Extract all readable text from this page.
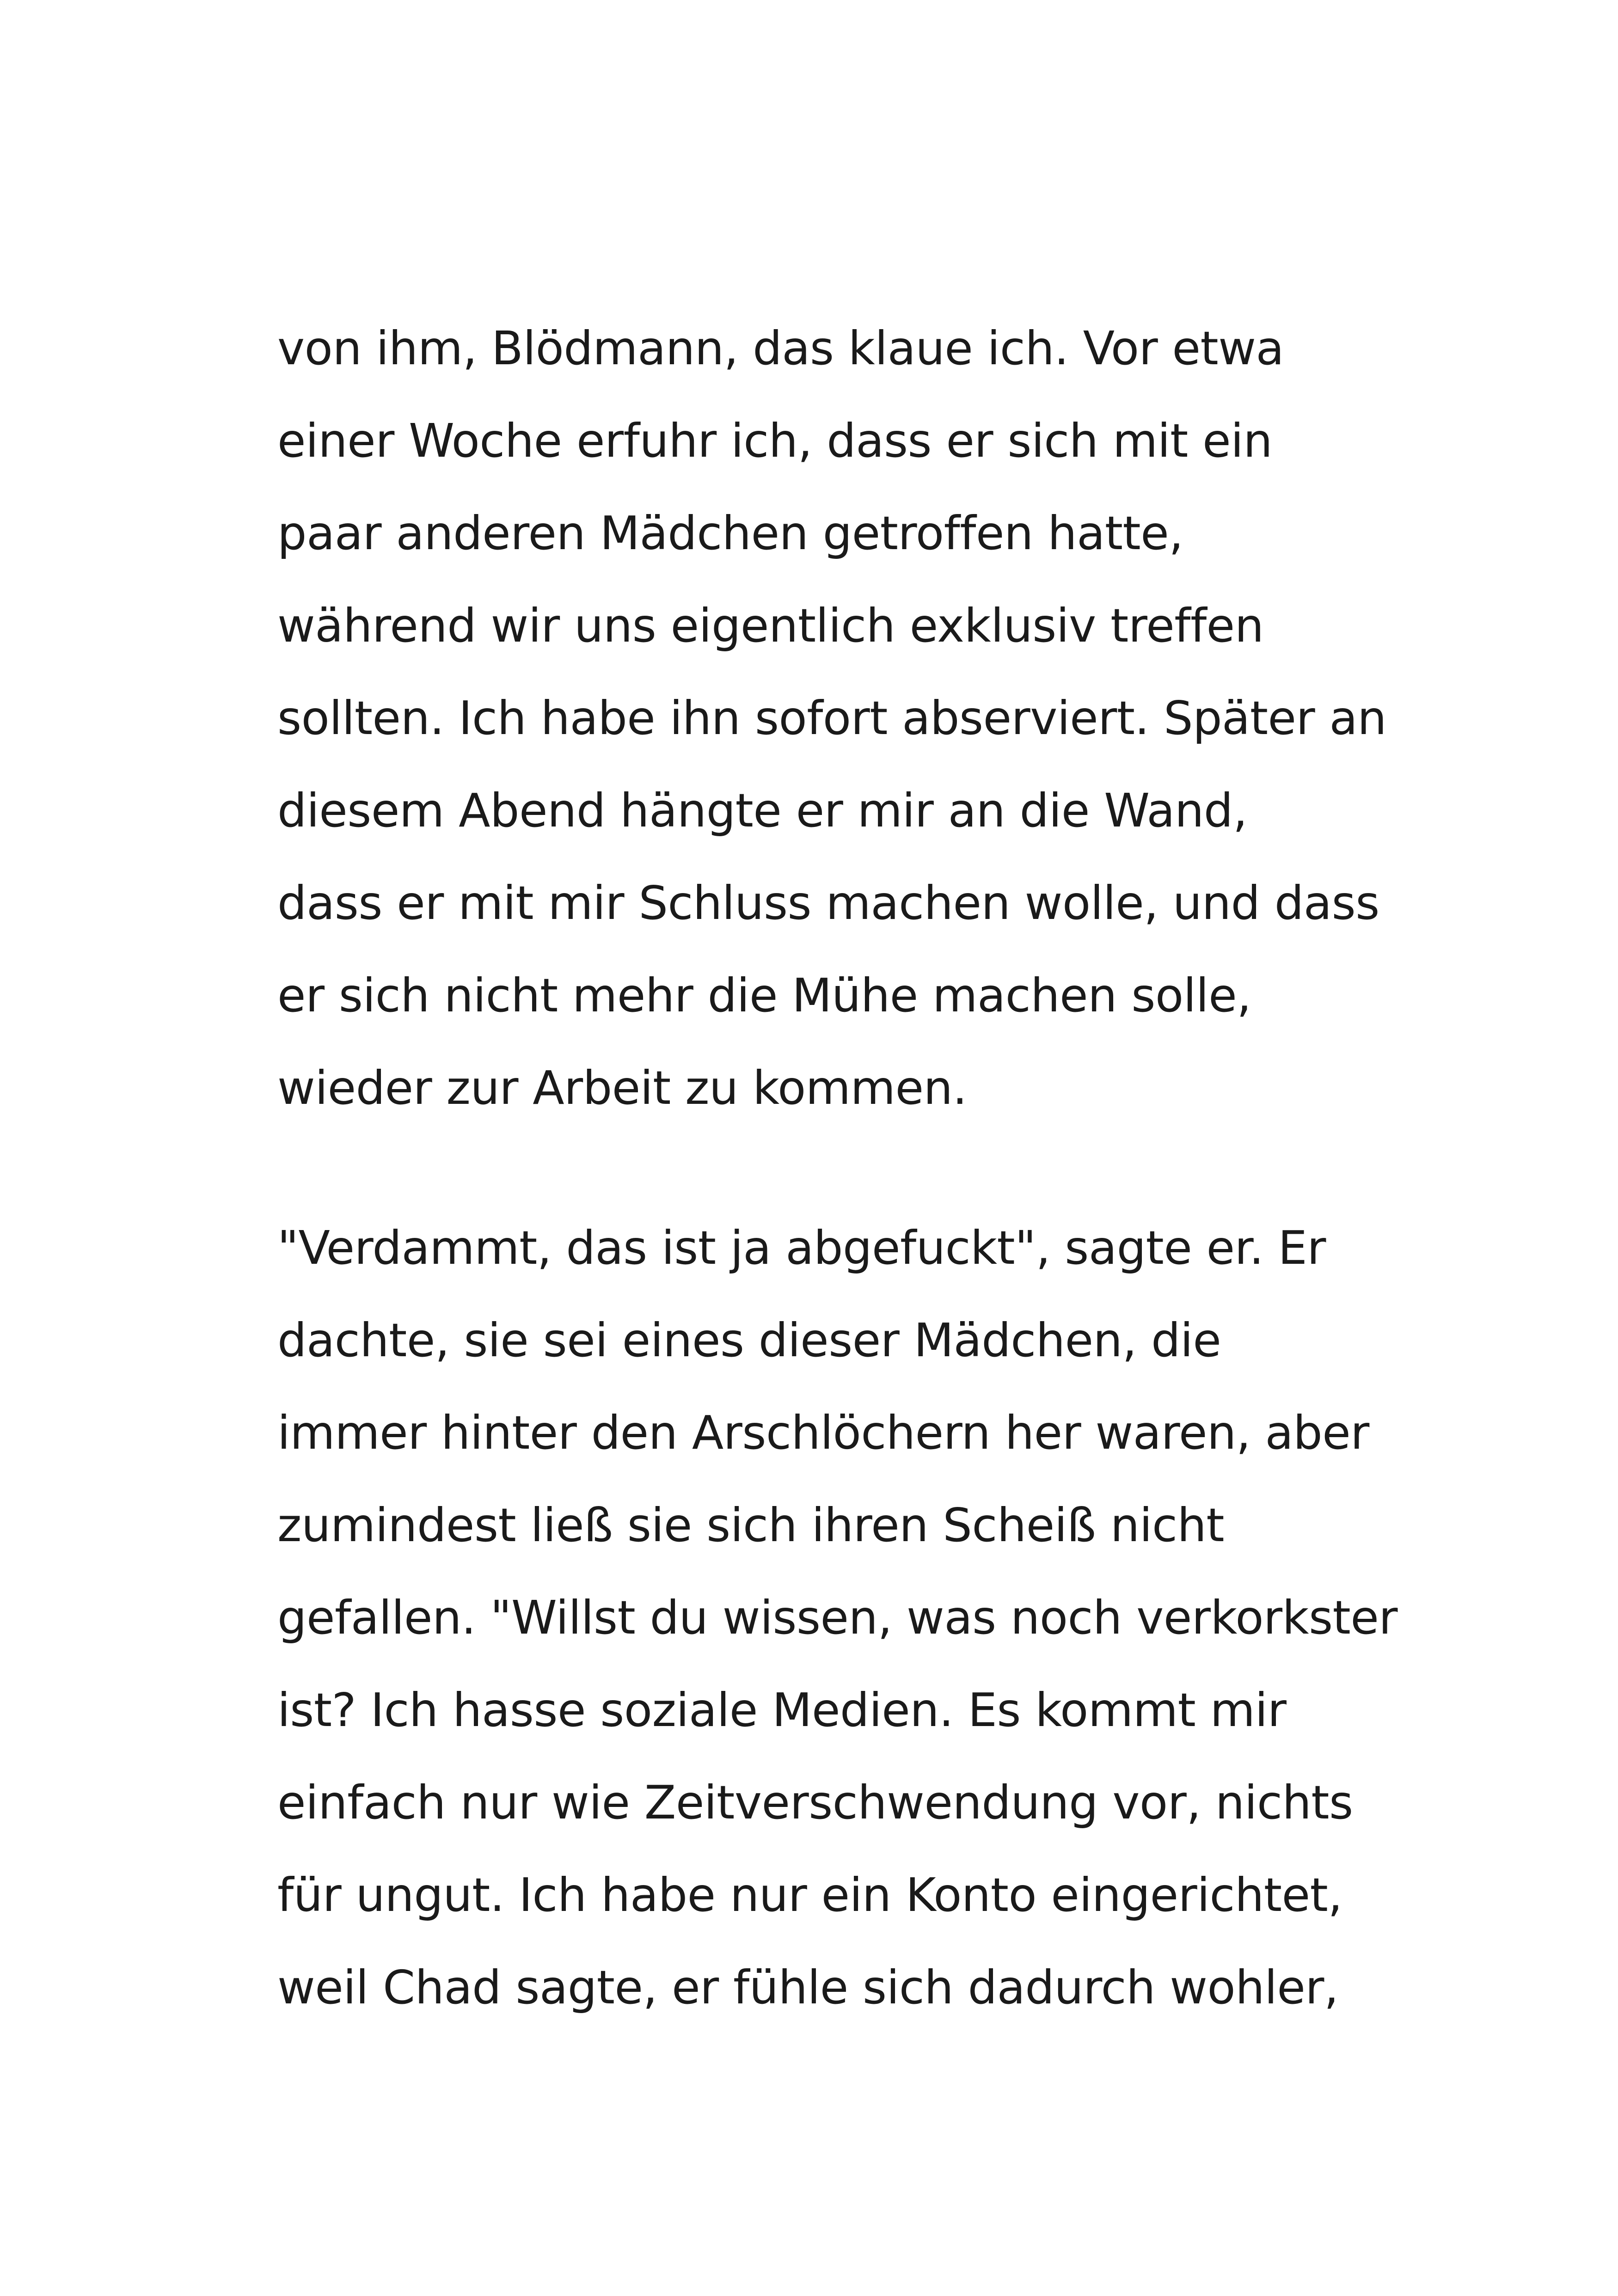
von ihm, Blödmann, das klaue ich. Vor etwa

einer Woche erfuhr ich, dass er sich mit ein

paar anderen Mädchen getroffen hatte,

während wir uns eigentlich exklusiv treffen

sollten. Ich habe ihn sofort abserviert. Später an

diesem Abend hängte er mir an die Wand,

dass er mit mir Schluss machen wolle, und dass

er sich nicht mehr die Mühe machen solle,

wieder zur Arbeit zu kommen.

"Verdammt, das ist ja abgefuckt", sagte er. Er

dachte, sie sei eines dieser Mädchen, die

immer hinter den Arschlöchern her waren, aber

zumindest ließ sie sich ihren Scheiß nicht

gefallen. "Willst du wissen, was noch verkorkster

ist? Ich hasse soziale Medien. Es kommt mir

einfach nur wie Zeitverschwendung vor, nichts

für ungut. Ich habe nur ein Konto eingerichtet,

weil Chad sagte, er fühle sich dadurch wohler,
